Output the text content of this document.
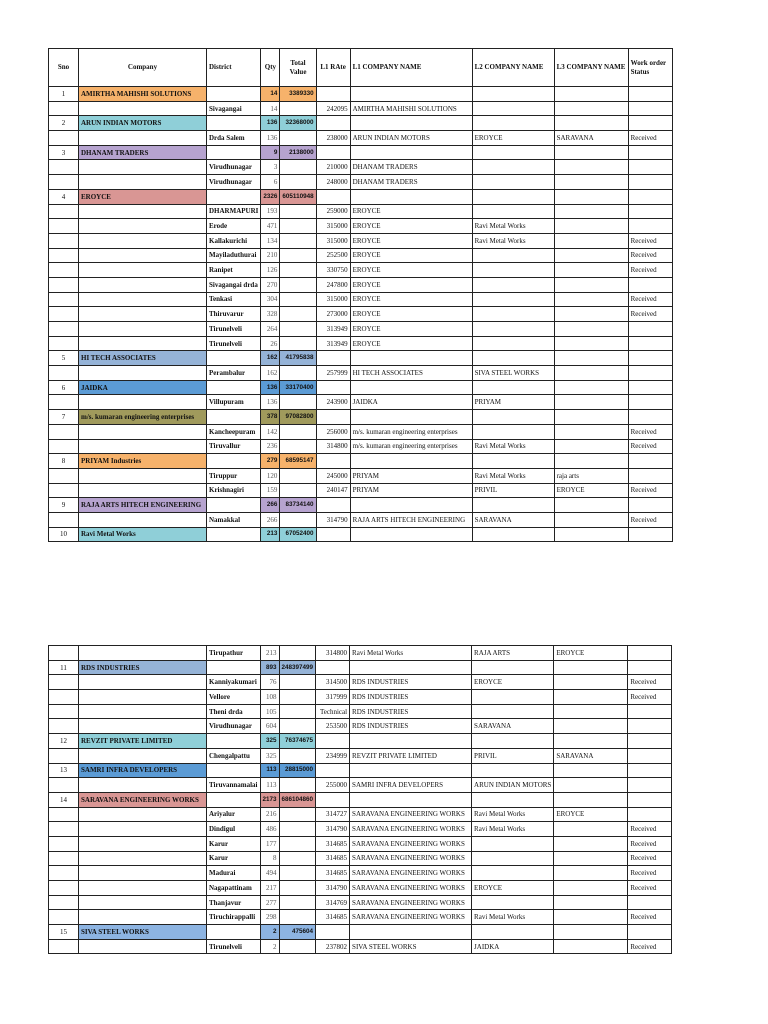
Sno	Company	District	Qty	Total Value	L1 RAte	L1 COMPANY NAME	L2 COMPANY NAME	L3 COMPANY NAME	Work order Status
1	AMIRTHA MAHISHI SOLUTIONS		14	3389330					
		Sivagangai	14		242095	AMIRTHA MAHISHI SOLUTIONS			
2	ARUN INDIAN MOTORS		136	32368000					
		Drda Salem	136		238000	ARUN INDIAN MOTORS	EROYCE	SARAVANA	Received
3	DHANAM TRADERS		9	2138000					
		Virudhunagar	3		210000	DHANAM TRADERS			
		Virudhunagar	6		248000	DHANAM TRADERS			
4	EROYCE		2326	605110948					
		DHARMAPURI	193		259000	EROYCE			
		Erode	471		315000	EROYCE	Ravi Metal Works		
		Kallakurichi	134		315000	EROYCE	Ravi Metal Works		Received
		Mayiladuthurai	210		252500	EROYCE			Received
		Ranipet	126		330750	EROYCE			Received
		Sivagangai drda	270		247800	EROYCE			
		Tenkasi	304		315000	EROYCE			Received
		Thiruvarur	328		273000	EROYCE			Received
		Tirunelveli	264		313949	EROYCE			
		Tirunelveli	26		313949	EROYCE			
5	HI TECH ASSOCIATES		162	41795838					
		Perambalur	162		257999	HI TECH ASSOCIATES	SIVA STEEL WORKS		
6	JAIDKA		136	33170400					
		Villupuram	136		243900	JAIDKA	PRIYAM		
7	m/s. kumaran engineering enterprises		378	97082800					
		Kancheepuram	142		256000	m/s. kumaran engineering enterprises			Received
		Tiruvallur	236		314800	m/s. kumaran engineering enterprises	Ravi Metal Works		Received
8	PRIYAM Industries		279	68595147					
		Tiruppur	120		245000	PRIYAM	Ravi Metal Works	raja arts	
		Krishnagiri	159		240147	PRIYAM	PRIVIL	EROYCE	Received
9	RAJA ARTS HITECH ENGINEERING		266	83734140					
		Namakkal	266		314790	RAJA ARTS HITECH ENGINEERING	SARAVANA		Received
10	Ravi Metal Works		213	67052400					
		Tirupathur	213		314800	Ravi Metal Works	RAJA ARTS	EROYCE	
11	RDS INDUSTRIES		893	248397499					
		Kanniyakumari	76		314500	RDS INDUSTRIES	EROYCE		Received
		Vellore	108		317999	RDS INDUSTRIES			Received
		Theni drda	105		Technical	RDS INDUSTRIES			
		Virudhunagar	604		253500	RDS INDUSTRIES	SARAVANA		
12	REVZIT PRIVATE LIMITED		325	76374675					
		Chengalpattu	325		234999	REVZIT PRIVATE LIMITED	PRIVIL	SARAVANA	
13	SAMRI INFRA DEVELOPERS		113	28815000					
		Tiruvannamalai	113		255000	SAMRI INFRA DEVELOPERS	ARUN INDIAN MOTORS		
14	SARAVANA ENGINEERING WORKS		2173	686104860					
		Ariyalur	216		314727	SARAVANA ENGINEERING WORKS	Ravi Metal Works	EROYCE	
		Dindigul	486		314790	SARAVANA ENGINEERING WORKS	Ravi Metal Works		Received
		Karur	177		314685	SARAVANA ENGINEERING WORKS			Received
		Karur	8		314685	SARAVANA ENGINEERING WORKS			Received
		Madurai	494		314685	SARAVANA ENGINEERING WORKS			Received
		Nagapattinam	217		314790	SARAVANA ENGINEERING WORKS	EROYCE		Received
		Thanjavur	277		314769	SARAVANA ENGINEERING WORKS			
		Tiruchirappalli	298		314685	SARAVANA ENGINEERING WORKS	Ravi Metal Works		Received
15	SIVA STEEL WORKS		2	475604					
		Tirunelveli	2		237802	SIVA STEEL WORKS	JAIDKA		Received
